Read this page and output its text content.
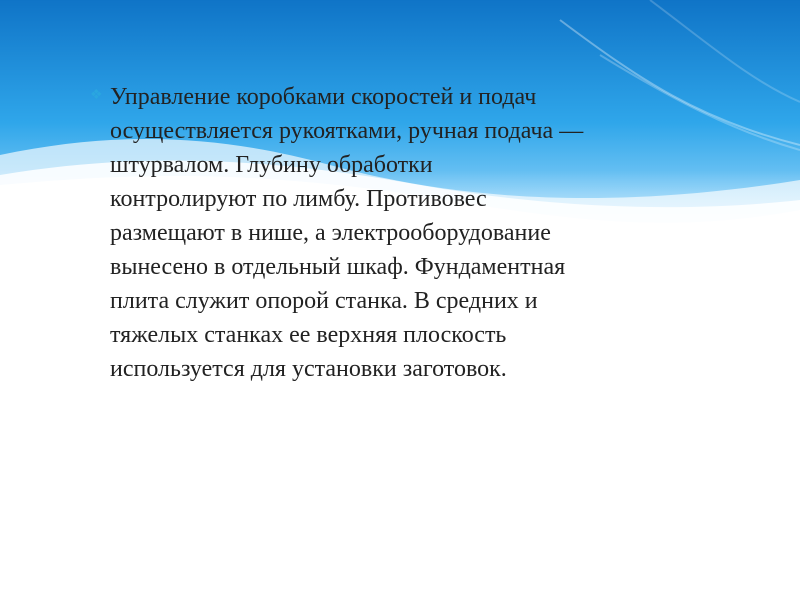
❖ Управление коробками скоростей и подач
осуществляется рукоятками, ручная подача —
штурвалом. Глубину обработки
контролируют по лимбу. Противовес
размещают в нише, а электрооборудование
вынесено в отдельный шкаф. Фундаментная
плита служит опорой станка. В средних и
тяжелых станках ее верхняя плоскость
используется для установки заготовок.
